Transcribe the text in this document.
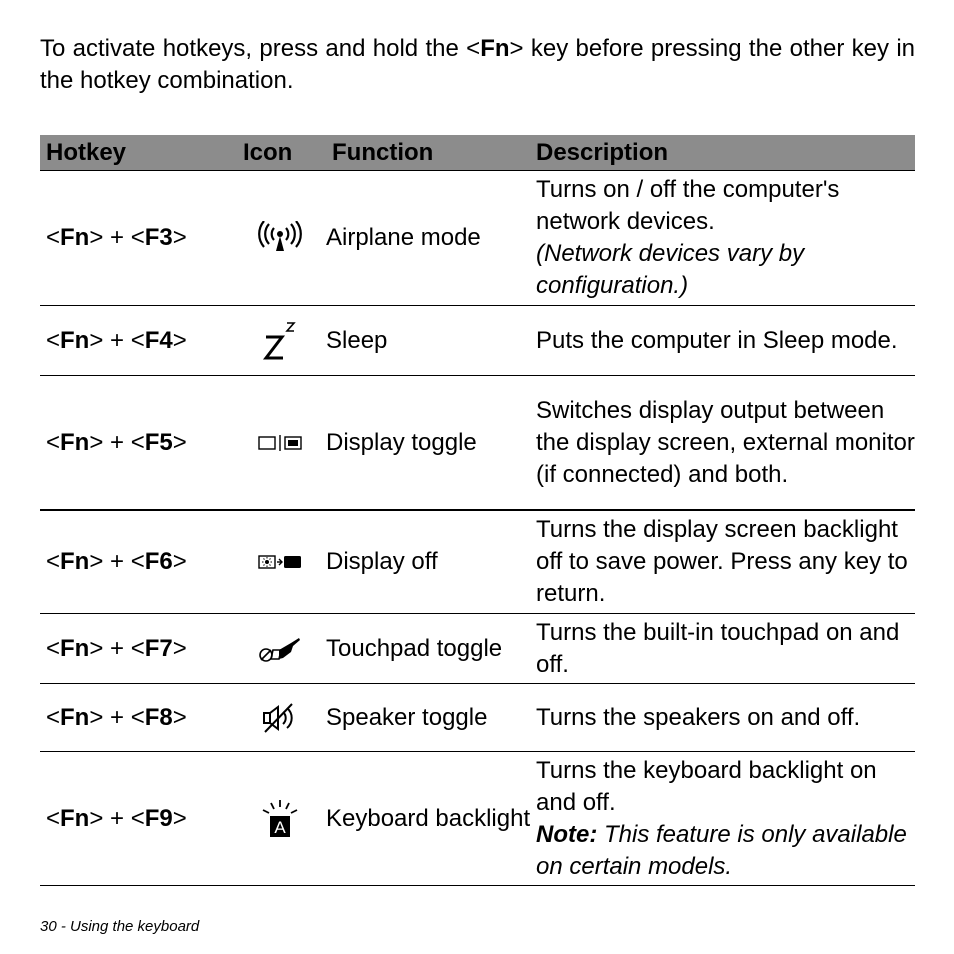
To activate hotkeys, press and hold the <Fn> key before pressing the other key in the hotkey combination.

Hotkey	Icon	Function	Description
<Fn> + <F3>		Airplane mode	Turns on / off the computer's network devices.
(Network devices vary by configuration.)

<Fn> + <F4>		Sleep	Puts the computer in Sleep mode.
<Fn> + <F5>		Display toggle	Switches display output between the display screen, external monitor (if connected) and both.
<Fn> + <F6>		Display off	Turns the display screen backlight off to save power. Press any key to return.
<Fn> + <F7>		Touchpad toggle	Turns the built-in touchpad on and off.
<Fn> + <F8>		Speaker toggle	Turns the speakers on and off.
<Fn> + <F9>	A	Keyboard backlight	Turns the keyboard backlight on and off.
Note: This feature is only available on certain models.
30 - Using the keyboard
